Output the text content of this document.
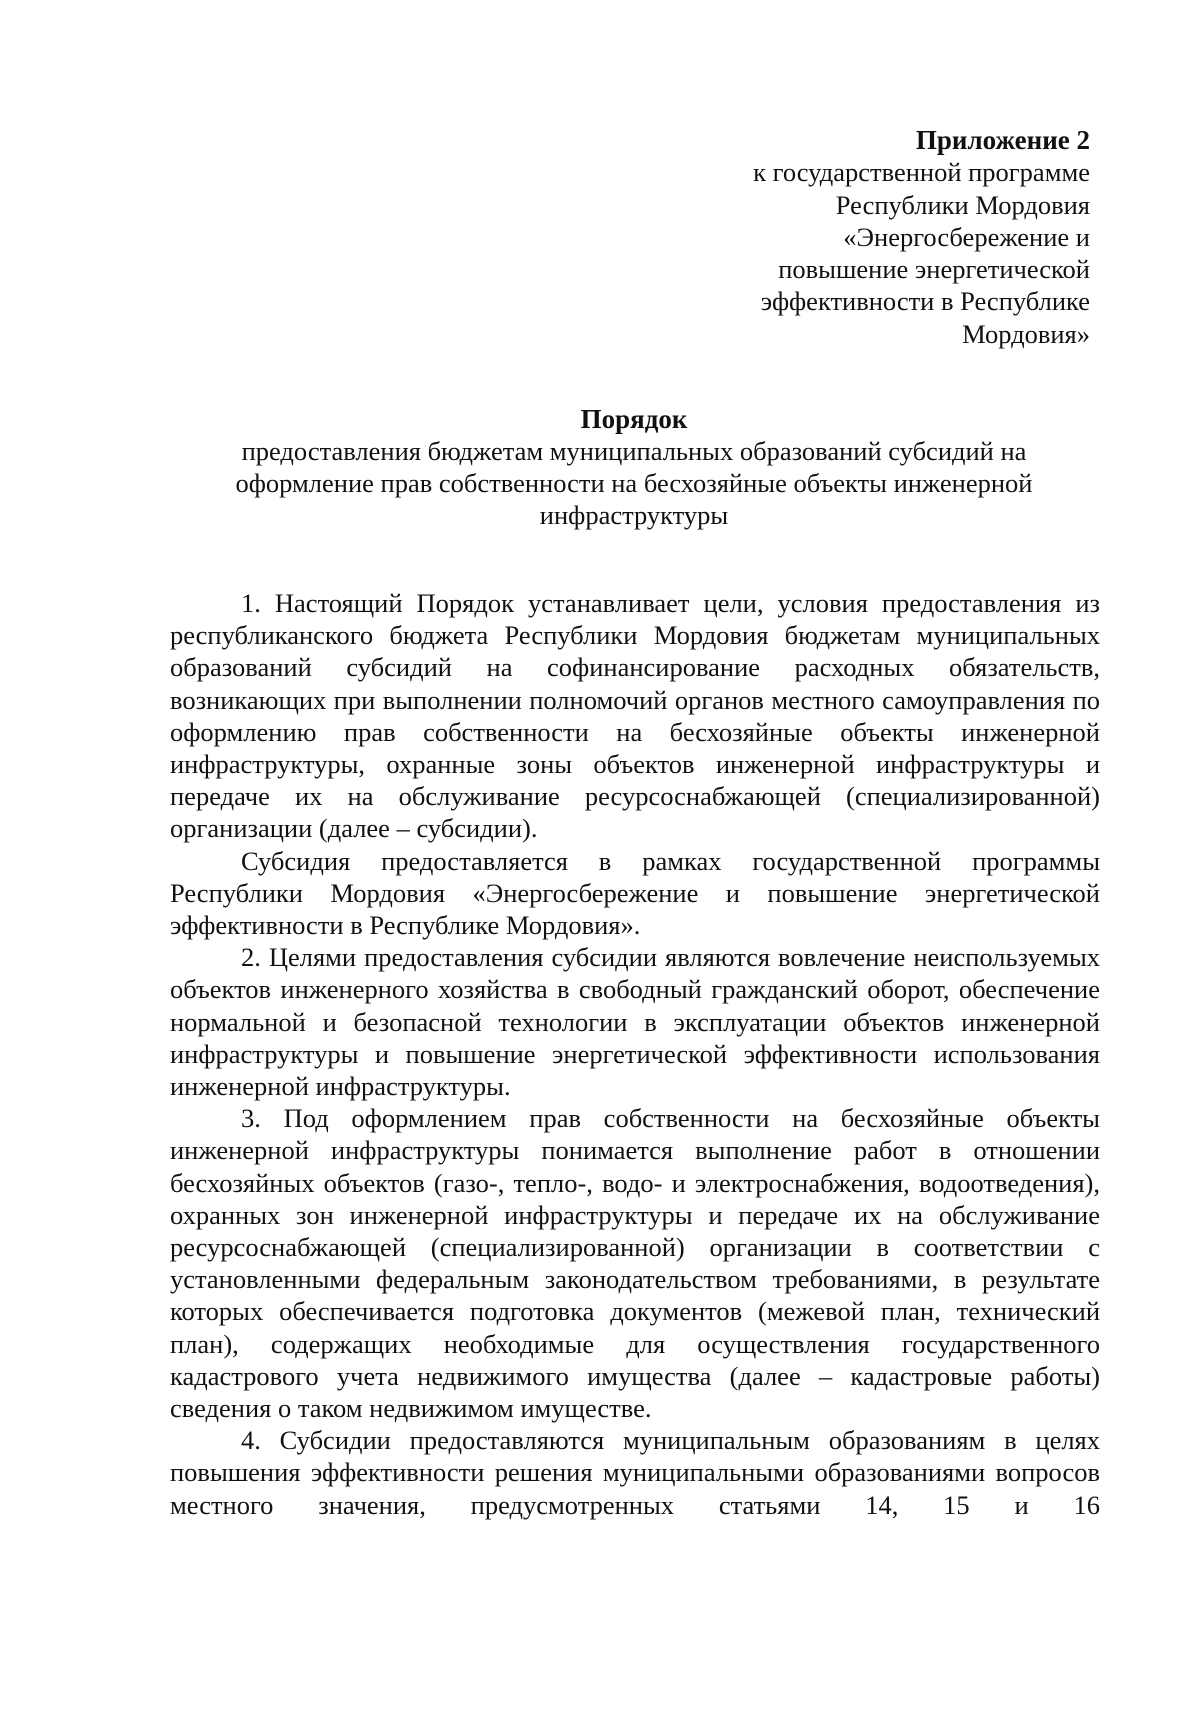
Приложение 2
к государственной программе
Республики Мордовия
«Энергосбережение и
повышение энергетической
эффективности в Республике
Мордовия»
Порядок
предоставления бюджетам муниципальных образований субсидий на
оформление прав собственности на бесхозяйные объекты инженерной
инфраструктуры

1. Настоящий Порядок устанавливает цели, условия предоставления из республиканского бюджета Республики Мордовия бюджетам муниципальных образований субсидий на софинансирование расходных обязательств, возникающих при выполнении полномочий органов местного самоуправления по оформлению прав собственности на бесхозяйные объекты инженерной инфраструктуры, охранные зоны объектов инженерной инфраструктуры и передаче их на обслуживание ресурсоснабжающей (специализированной) организации (далее – субсидии).

Субсидия предоставляется в рамках государственной программы Республики Мордовия «Энергосбережение и повышение энергетической эффективности в Республике Мордовия».

2. Целями предоставления субсидии являются вовлечение неиспользуемых объектов инженерного хозяйства в свободный гражданский оборот, обеспечение нормальной и безопасной технологии в эксплуатации объектов инженерной инфраструктуры и повышение энергетической эффективности использования инженерной инфраструктуры.

3. Под оформлением прав собственности на бесхозяйные объекты инженерной инфраструктуры понимается выполнение работ в отношении бесхозяйных объектов (газо-, тепло-, водо- и электроснабжения, водоотведения), охранных зон инженерной инфраструктуры и передаче их на обслуживание ресурсоснабжающей (специализированной) организации в соответствии с установленными федеральным законодательством требованиями, в результате которых обеспечивается подготовка документов (межевой план, технический план), содержащих необходимые для осуществления государственного кадастрового учета недвижимого имущества (далее – кадастровые работы) сведения о таком недвижимом имуществе.

4. Субсидии предоставляются муниципальным образованиям в целях повышения эффективности решения муниципальными образованиями вопросов местного значения, предусмотренных статьями 14, 15 и 16
